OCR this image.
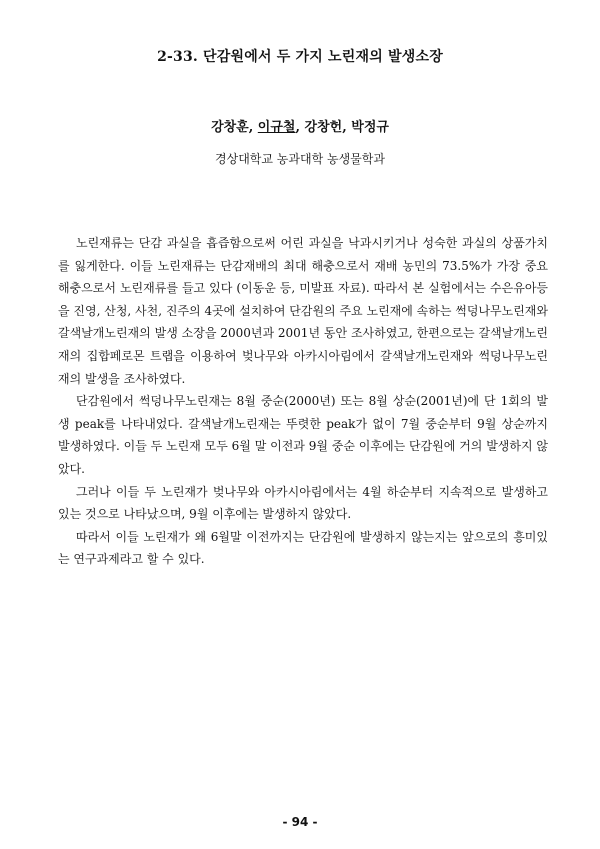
2-33. 단감원에서 두 가지 노린재의 발생소장
강창훈, 이규철, 강창헌, 박정규
경상대학교 농과대학 농생물학과

노린재류는 단감 과실을 흡즙함으로써 어린 과실을 낙과시키거나 성숙한 과실의 상품가치를 잃게한다. 이들 노린재류는 단감재배의 최대 해충으로서 재배 농민의 73.5%가 가장 중요 해충으로서 노린재류를 들고 있다 (이동운 등, 미발표 자료). 따라서 본 실험에서는 수은유아등을 진영, 산청, 사천, 진주의 4곳에 설치하여 단감원의 주요 노린재에 속하는 썩덩나무노린재와 갈색날개노린재의 발생 소장을 2000년과 2001년 동안 조사하였고, 한편으로는 갈색날개노린재의 집합페로몬 트랩을 이용하여 벚나무와 아카시아림에서 갈색날개노린재와 썩덩나무노린재의 발생을 조사하였다.

단감원에서 썩덩나무노린재는 8월 중순(2000년) 또는 8월 상순(2001년)에 단 1회의 발생 peak를 나타내었다. 갈색날개노린재는 뚜렷한 peak가 없이 7월 중순부터 9월 상순까지 발생하였다. 이들 두 노린재 모두 6월 말 이전과 9월 중순 이후에는 단감원에 거의 발생하지 않았다.

그러나 이들 두 노린재가 벚나무와 아카시아림에서는 4월 하순부터 지속적으로 발생하고 있는 것으로 나타났으며, 9월 이후에는 발생하지 않았다.

따라서 이들 노린재가 왜 6월말 이전까지는 단감원에 발생하지 않는지는 앞으로의 흥미있는 연구과제라고 할 수 있다.

- 94 -
